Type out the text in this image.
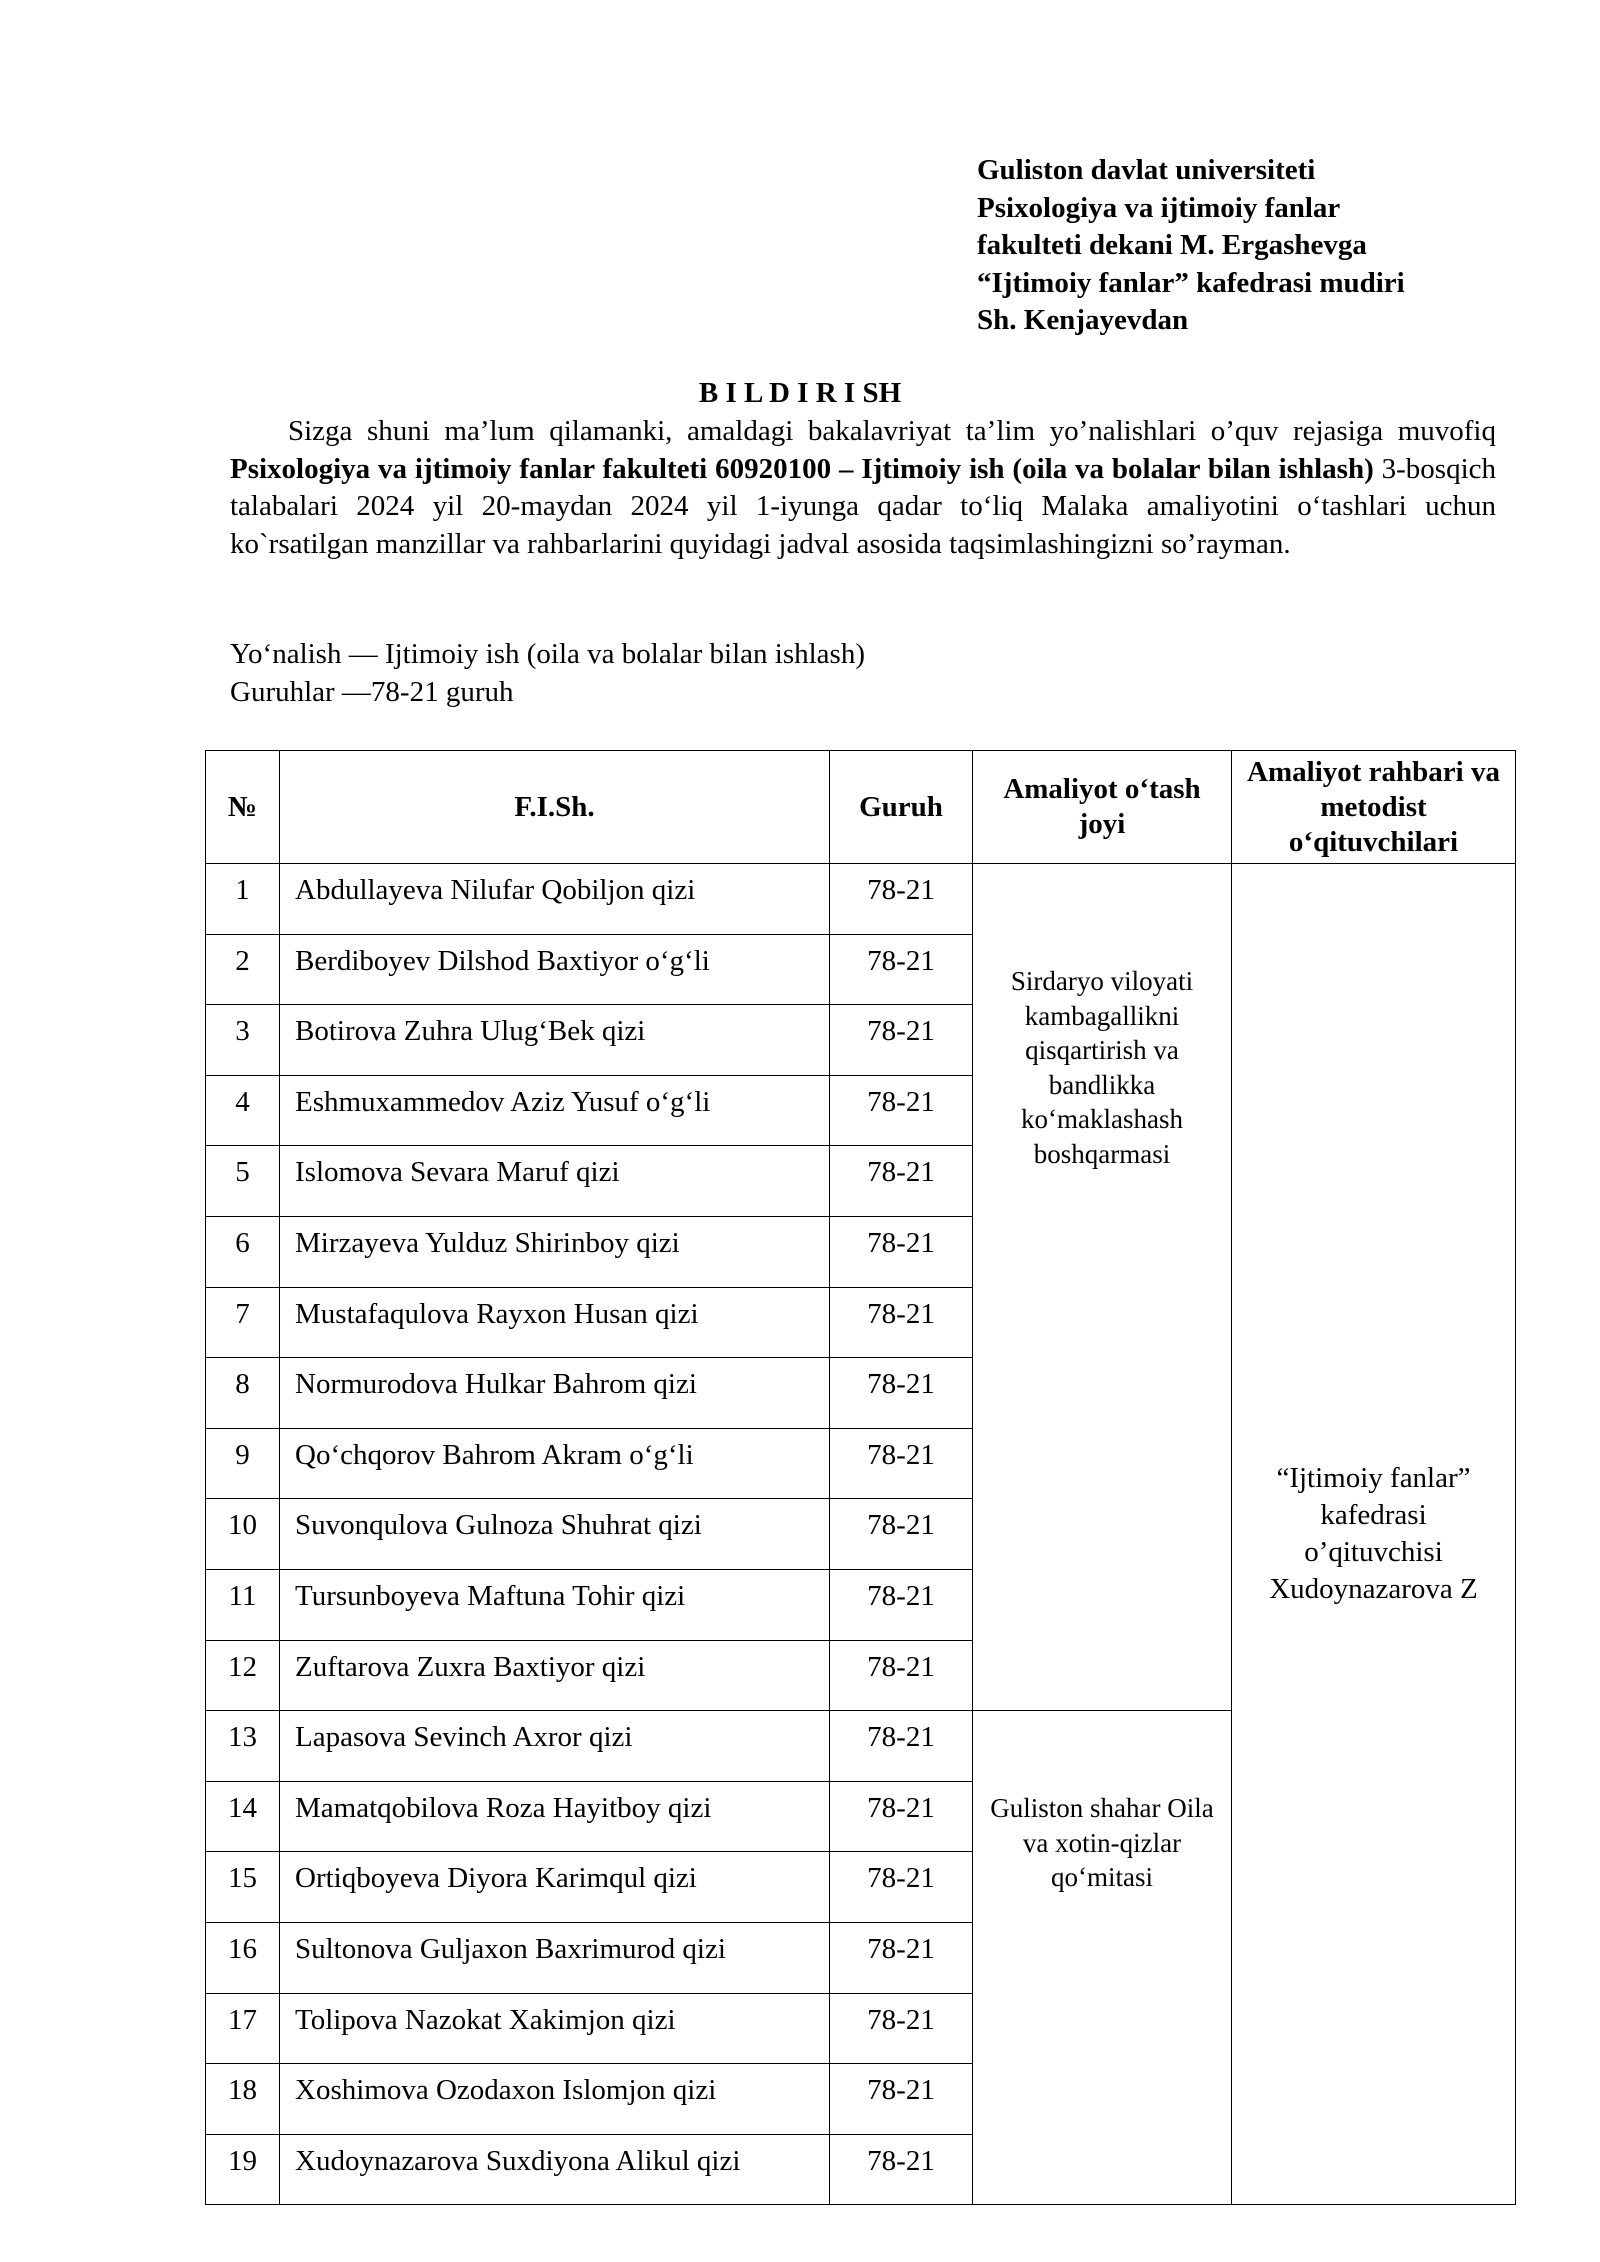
Guliston davlat universiteti
Psixologiya va ijtimoiy fanlar
fakulteti dekani M. Ergashevga
“Ijtimoiy fanlar” kafedrasi mudiri
Sh. Kenjayevdan
B I L D I R I SH
Sizga shuni ma’lum qilamanki, amaldagi bakalavriyat ta’lim yo’nalishlari o’quv rejasiga muvofiq Psixologiya va ijtimoiy fanlar fakulteti 60920100 – Ijtimoiy ish (oila va bolalar bilan ishlash) 3-bosqich talabalari 2024 yil 20-maydan 2024 yil 1-iyunga qadar to‘liq Malaka amaliyotini o‘tashlari uchun ko`rsatilgan manzillar va rahbarlarini quyidagi jadval asosida taqsimlashingizni so’rayman.
Yo‘nalish — Ijtimoiy ish (oila va bolalar bilan ishlash)
Guruhlar —78-21 guruh
№	F.I.Sh.	Guruh	Amaliyot o‘tash joyi	Amaliyot rahbari va metodist o‘qituvchilari
1	Abdullayeva Nilufar Qobiljon qizi	78-21	Sirdaryo viloyati kambagallikni qisqartirish va bandlikka ko‘maklashash boshqarmasi	“Ijtimoiy fanlar” kafedrasi o’qituvchisi Xudoynazarova Z
2	Berdiboyev Dilshod Baxtiyor o‘g‘li	78-21		
3	Botirova Zuhra Ulug‘Bek qizi	78-21		
4	Eshmuxammedov Aziz Yusuf o‘g‘li	78-21		
5	Islomova Sevara Maruf qizi	78-21		
6	Mirzayeva Yulduz Shirinboy qizi	78-21		
7	Mustafaqulova Rayxon Husan qizi	78-21		
8	Normurodova Hulkar Bahrom qizi	78-21		
9	Qo‘chqorov Bahrom Akram o‘g‘li	78-21		
10	Suvonqulova Gulnoza Shuhrat qizi	78-21		
11	Tursunboyeva Maftuna Tohir qizi	78-21		
12	Zuftarova Zuxra Baxtiyor qizi	78-21		
13	Lapasova Sevinch Axror qizi	78-21	Guliston shahar Oila va xotin-qizlar qo‘mitasi	
14	Mamatqobilova Roza Hayitboy qizi	78-21		
15	Ortiqboyeva Diyora Karimqul qizi	78-21		
16	Sultonova Guljaxon Baxrimurod qizi	78-21		
17	Tolipova Nazokat Xakimjon qizi	78-21		
18	Xoshimova Ozodaxon Islomjon qizi	78-21		
19	Xudoynazarova Suxdiyona Alikul qizi	78-21		
